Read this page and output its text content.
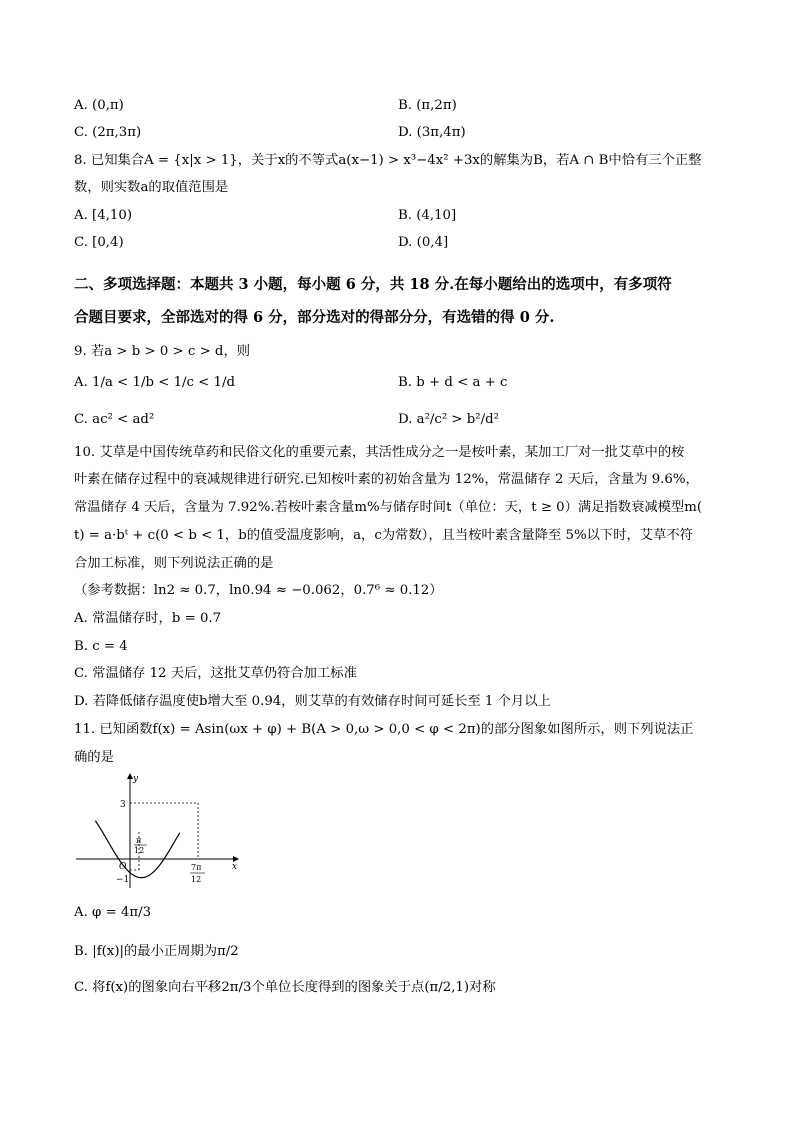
A. (0,π)	B. (π,2π)
C. (2π,3π)	D. (3π,4π)
8. 已知集合A = {x|x > 1}，关于x的不等式a(x−1) > x³−4x² +3x的解集为B，若A ∩ B中恰有三个正整
数，则实数a的取值范围是
A. [4,10)	B. (4,10]
C. [0,4)	D. (0,4]
二、多项选择题：本题共 3 小题，每小题 6 分，共 18 分.在每小题给出的选项中，有多项符
合题目要求，全部选对的得 6 分，部分选对的得部分分，有选错的得 0 分.
9. 若a > b > 0 > c > d，则
A. 1/a < 1/b < 1/c < 1/d	B. b + d < a + c
C. ac² < ad²	D. a²/c² > b²/d²
10. 艾草是中国传统草药和民俗文化的重要元素，其活性成分之一是桉叶素，某加工厂对一批艾草中的桉
叶素在储存过程中的衰减规律进行研究.已知桉叶素的初始含量为 12%，常温储存 2 天后，含量为 9.6%，
常温储存 4 天后，含量为 7.92%.若桉叶素含量m%与储存时间t（单位：天，t ≥ 0）满足指数衰减模型m(
t) = a·bᵗ + c(0 < b < 1，b的值受温度影响，a，c为常数），且当桉叶素含量降至 5%以下时，艾草不符
合加工标准，则下列说法正确的是
（参考数据：ln2 ≈ 0.7，ln0.94 ≈ −0.062，0.7⁶ ≈ 0.12）
A. 常温储存时，b = 0.7
B. c = 4
C. 常温储存 12 天后，这批艾草仍符合加工标准
D. 若降低储存温度使b增大至 0.94，则艾草的有效储存时间可延长至 1 个月以上
11. 已知函数f(x) = Asin(ωx + φ) + B(A > 0,ω > 0,0 < φ < 2π)的部分图象如图所示，则下列说法正
确的是
y
x
O
3
−1
π
12
7π
12
A. φ = 4π/3
B. |f(x)|的最小正周期为π/2
C. 将f(x)的图象向右平移2π/3个单位长度得到的图象关于点(π/2,1)对称
